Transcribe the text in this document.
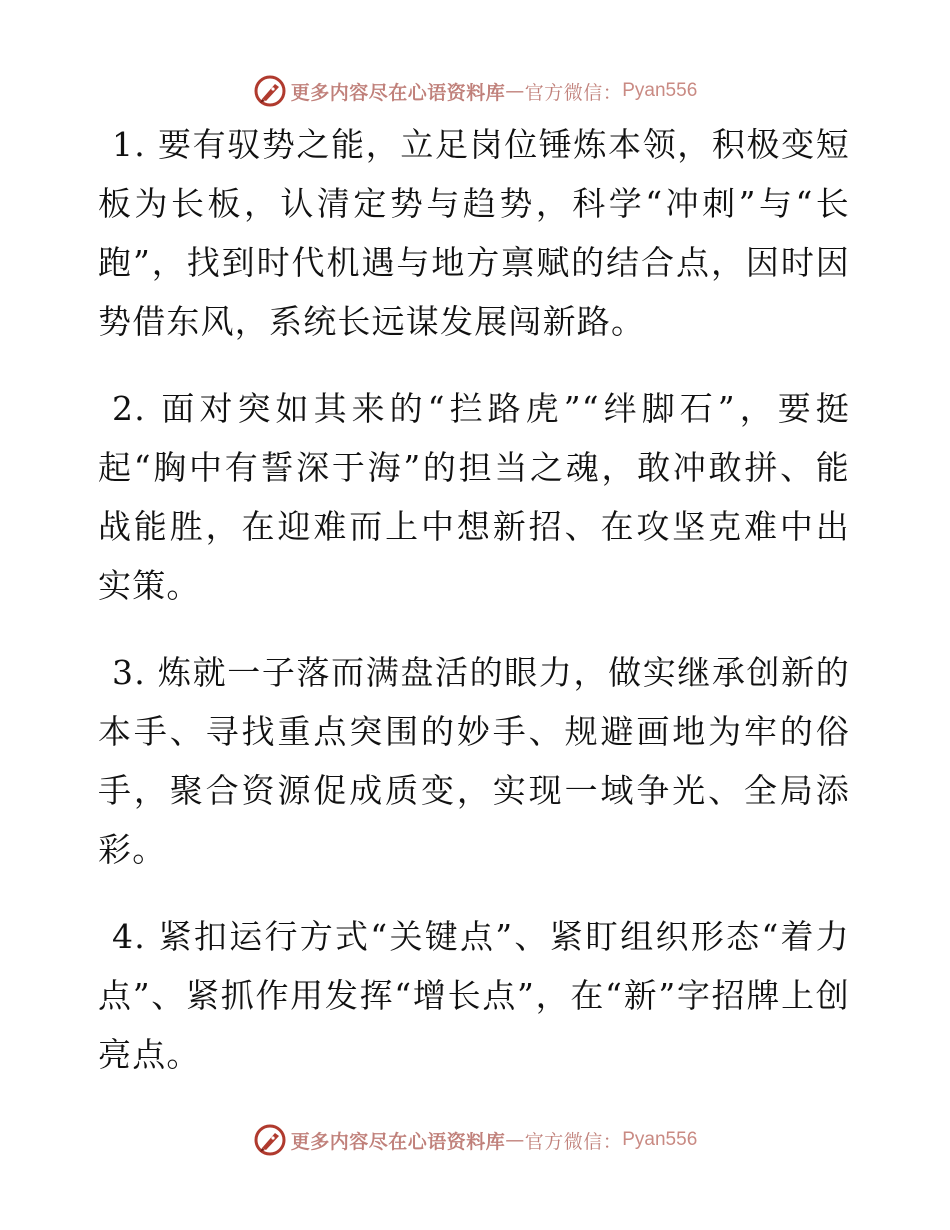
更多内容尽在心语资料库 — 官方微信： Pyan556

1. 要有驭势之能，立足岗位锤炼本领，积极变短板为长板，认清定势与趋势，科学“冲刺”与“长跑”，找到时代机遇与地方禀赋的结合点，因时因势借东风，系统长远谋发展闯新路。

2. 面对突如其来的“拦路虎”“绊脚石”，要挺起“胸中有誓深于海”的担当之魂，敢冲敢拼、能战能胜，在迎难而上中想新招、在攻坚克难中出实策。

3. 炼就一子落而满盘活的眼力，做实继承创新的本手、寻找重点突围的妙手、规避画地为牢的俗手，聚合资源促成质变，实现一域争光、全局添彩。

4. 紧扣运行方式“关键点”、紧盯组织形态“着力点”、紧抓作用发挥“增长点”，在“新”字招牌上创亮点。

更多内容尽在心语资料库 — 官方微信： Pyan556
